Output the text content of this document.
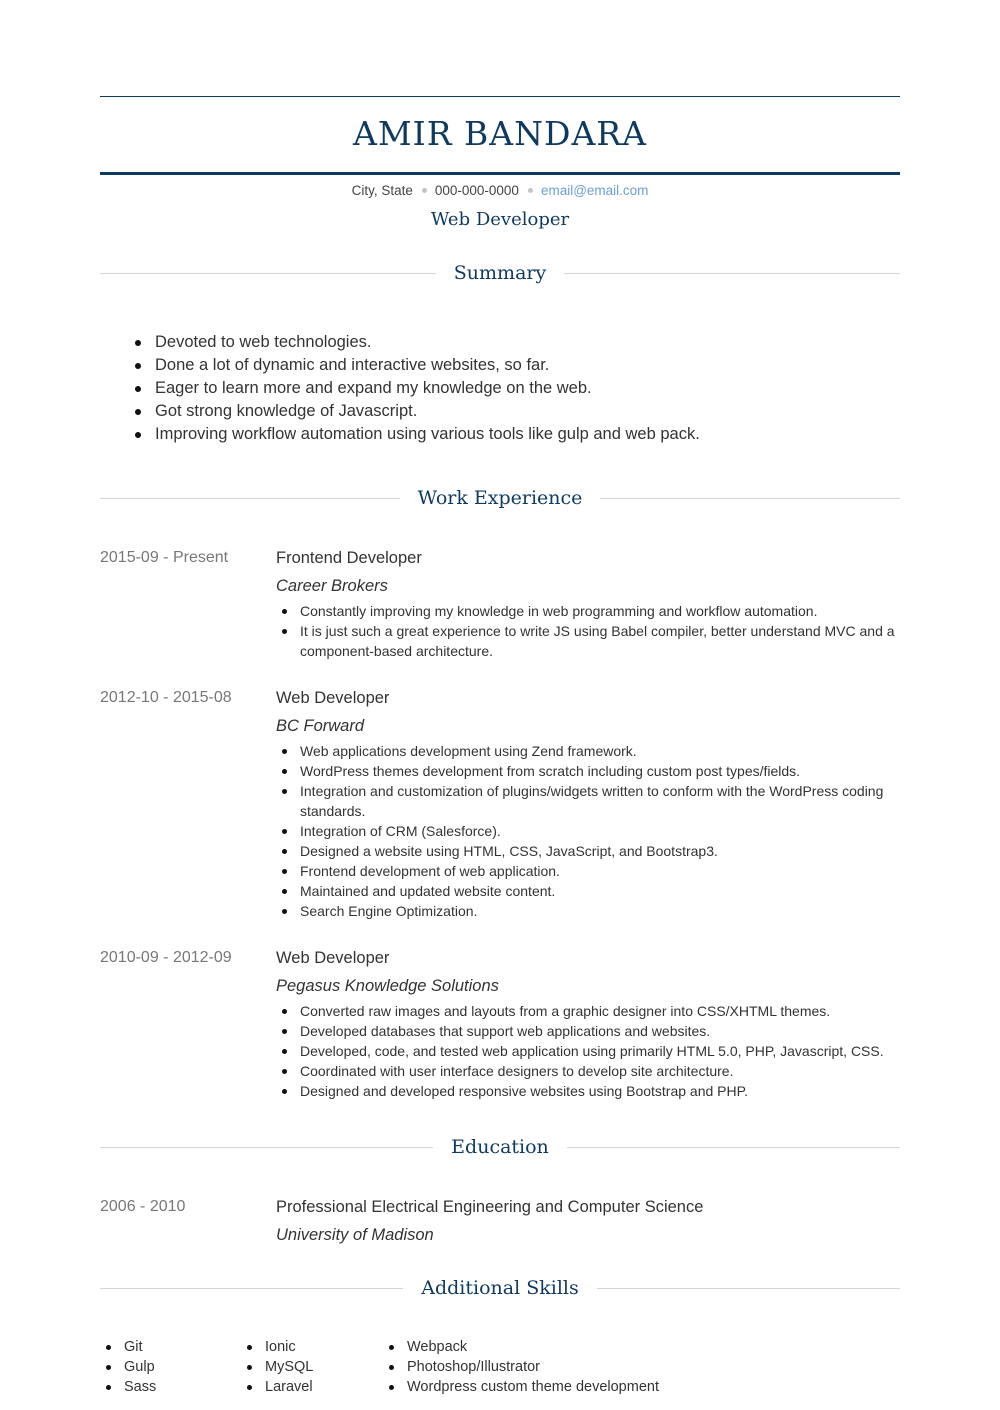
AMIR BANDARA
City, State 000-000-0000 email@email.com
Web Developer
Summary
Devoted to web technologies.
Done a lot of dynamic and interactive websites, so far.
Eager to learn more and expand my knowledge on the web.
Got strong knowledge of Javascript.
Improving workflow automation using various tools like gulp and web pack.
Work Experience
2015-09 - Present	Frontend Developer
Career Brokers
Constantly improving my knowledge in web programming and workflow automation.
It is just such a great experience to write JS using Babel compiler, better understand MVC and a component-based architecture.
2012-10 - 2015-08	Web Developer
BC Forward
Web applications development using Zend framework.
WordPress themes development from scratch including custom post types/fields.
Integration and customization of plugins/widgets written to conform with the WordPress coding standards.
Integration of CRM (Salesforce).
Designed a website using HTML, CSS, JavaScript, and Bootstrap3.
Frontend development of web application.
Maintained and updated website content.
Search Engine Optimization.
2010-09 - 2012-09	Web Developer
Pegasus Knowledge Solutions
Converted raw images and layouts from a graphic designer into CSS/XHTML themes.
Developed databases that support web applications and websites.
Developed, code, and tested web application using primarily HTML 5.0, PHP, Javascript, CSS.
Coordinated with user interface designers to develop site architecture.
Designed and developed responsive websites using Bootstrap and PHP.
Education
2006 - 2010	Professional Electrical Engineering and Computer Science
University of Madison
Additional Skills
Git
Gulp
Sass
Ionic
MySQL
Laravel
Webpack
Photoshop/Illustrator
Wordpress custom theme development
